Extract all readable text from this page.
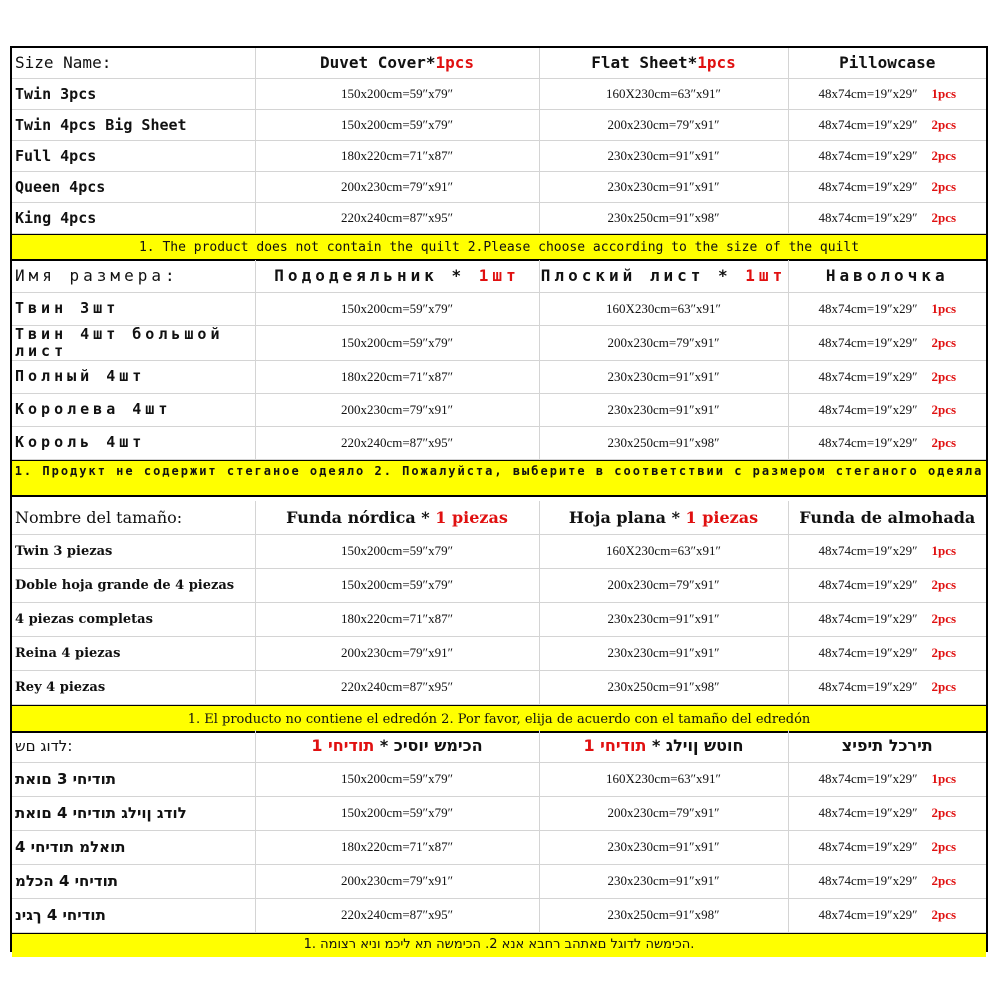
Size Name:	Duvet Cover*1pcs	Flat Sheet*1pcs	Pillowcase
Twin 3pcs	150x200cm=59″x79″	160X230cm=63″x91″	48x74cm=19″x29″ 1pcs
Twin 4pcs Big Sheet	150x200cm=59″x79″	200x230cm=79″x91″	48x74cm=19″x29″ 2pcs
Full 4pcs	180x220cm=71″x87″	230x230cm=91″x91″	48x74cm=19″x29″ 2pcs
Queen 4pcs	200x230cm=79″x91″	230x230cm=91″x91″	48x74cm=19″x29″ 2pcs
King 4pcs	220x240cm=87″x95″	230x250cm=91″x98″	48x74cm=19″x29″ 2pcs
1. The product does not contain the quilt 2.Please choose according to the size of the quilt
Имя размера:	Пододеяльник * 1шт	Плоский лист * 1шт	Наволочка
Твин 3шт	150x200cm=59″x79″	160X230cm=63″x91″	48x74cm=19″x29″ 1pcs
Твин 4шт большой лист	150x200cm=59″x79″	200x230cm=79″x91″	48x74cm=19″x29″ 2pcs
Полный 4шт	180x220cm=71″x87″	230x230cm=91″x91″	48x74cm=19″x29″ 2pcs
Королева 4шт	200x230cm=79″x91″	230x230cm=91″x91″	48x74cm=19″x29″ 2pcs
Король 4шт	220x240cm=87″x95″	230x250cm=91″x98″	48x74cm=19″x29″ 2pcs
1. Продукт не содержит стеганое одеяло 2. Пожалуйста, выберите в соответствии с размером стеганого одеяла
Nombre del tamaño:	Funda nórdica * 1 piezas	Hoja plana * 1 piezas	Funda de almohada
Twin 3 piezas	150x200cm=59″x79″	160X230cm=63″x91″	48x74cm=19″x29″ 1pcs
Doble hoja grande de 4 piezas	150x200cm=59″x79″	200x230cm=79″x91″	48x74cm=19″x29″ 2pcs
4 piezas completas	180x220cm=71″x87″	230x230cm=91″x91″	48x74cm=19″x29″ 2pcs
Reina 4 piezas	200x230cm=79″x91″	230x230cm=91″x91″	48x74cm=19″x29″ 2pcs
Rey 4 piezas	220x240cm=87″x95″	230x250cm=91″x98″	48x74cm=19″x29″ 2pcs
1. El producto no contiene el edredón 2. Por favor, elija de acuerdo con el tamaño del edredón
לדוג םש:	הכימש יוסיכ * תודיחי 1	חוטש ןוילג * תודיחי 1	תירכל תיפיצ
תודיחי 3 םואת	150x200cm=59″x79″	160X230cm=63″x91″	48x74cm=19″x29″ 1pcs
לודג ןוילג תודיחי 4 םואת	150x200cm=59″x79″	200x230cm=79″x91″	48x74cm=19″x29″ 2pcs
4 תואלמ תודיחי	180x220cm=71″x87″	230x230cm=91″x91″	48x74cm=19″x29″ 2pcs
תודיחי 4 הכלמ	200x230cm=79″x91″	230x230cm=91″x91″	48x74cm=19″x29″ 2pcs
תודיחי 4 ךגינ	220x240cm=87″x95″	230x250cm=91″x98″	48x74cm=19″x29″ 2pcs
1. הכימשה לדוגל םאתהב רחבא אנא 2. הכימשה תא ליכמ וניא רצומה.
